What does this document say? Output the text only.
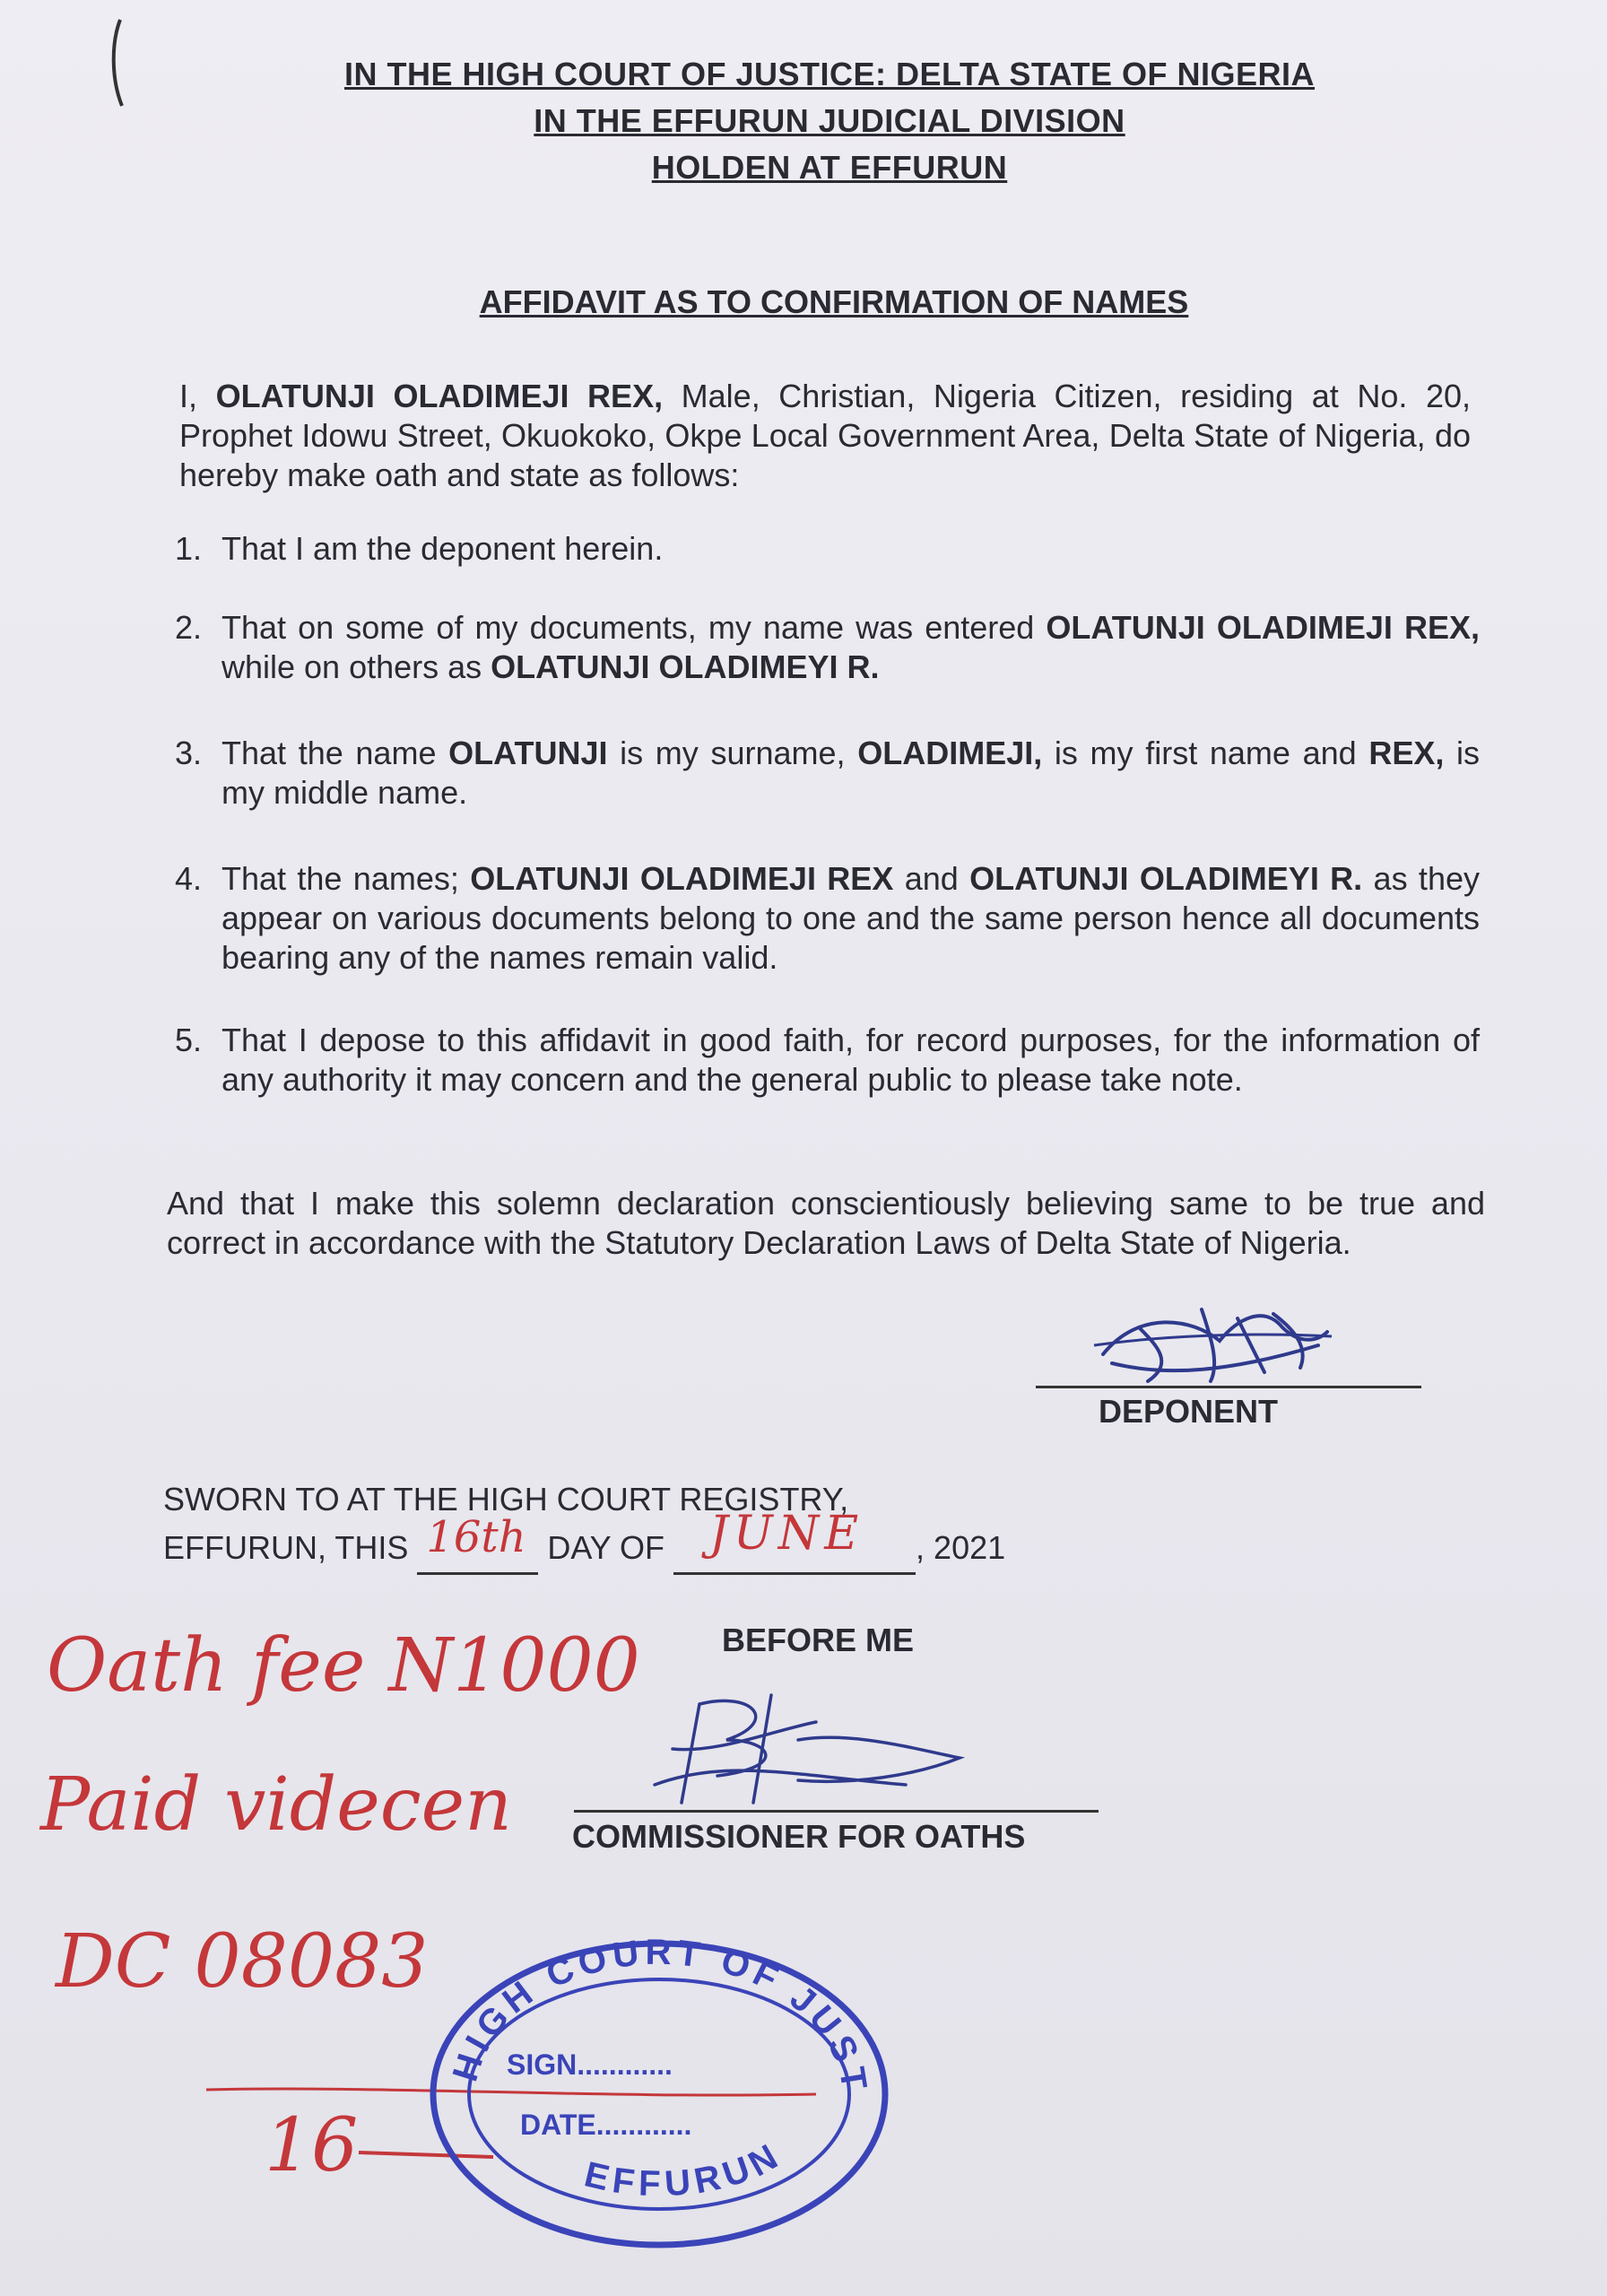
IN THE HIGH COURT OF JUSTICE: DELTA STATE OF NIGERIA
IN THE EFFURUN JUDICIAL DIVISION
HOLDEN AT EFFURUN
AFFIDAVIT AS TO CONFIRMATION OF NAMES
I, OLATUNJI OLADIMEJI REX, Male, Christian, Nigeria Citizen, residing at No. 20, Prophet Idowu Street, Okuokoko, Okpe Local Government Area, Delta State of Nigeria, do hereby make oath and state as follows:
1. That I am the deponent herein.
2. That on some of my documents, my name was entered OLATUNJI OLADIMEJI REX, while on others as OLATUNJI OLADIMEYI R.
3. That the name OLATUNJI is my surname, OLADIMEJI, is my first name and REX, is my middle name.
4. That the names; OLATUNJI OLADIMEJI REX and OLATUNJI OLADIMEYI R. as they appear on various documents belong to one and the same person hence all documents bearing any of the names remain valid.
5. That I depose to this affidavit in good faith, for record purposes, for the information of any authority it may concern and the general public to please take note.
And that I make this solemn declaration conscientiously believing same to be true and correct in accordance with the Statutory Declaration Laws of Delta State of Nigeria.
DEPONENT
SWORN TO AT THE HIGH COURT REGISTRY,
EFFURUN, THIS 16th DAY OF JUNE , 2021
BEFORE ME
COMMISSIONER FOR OATHS
Oath fee N1000
Paid videcen
DC 08083
16
HIGH COURT OF JUSTICE
EFFURUN
SIGN............
DATE............
